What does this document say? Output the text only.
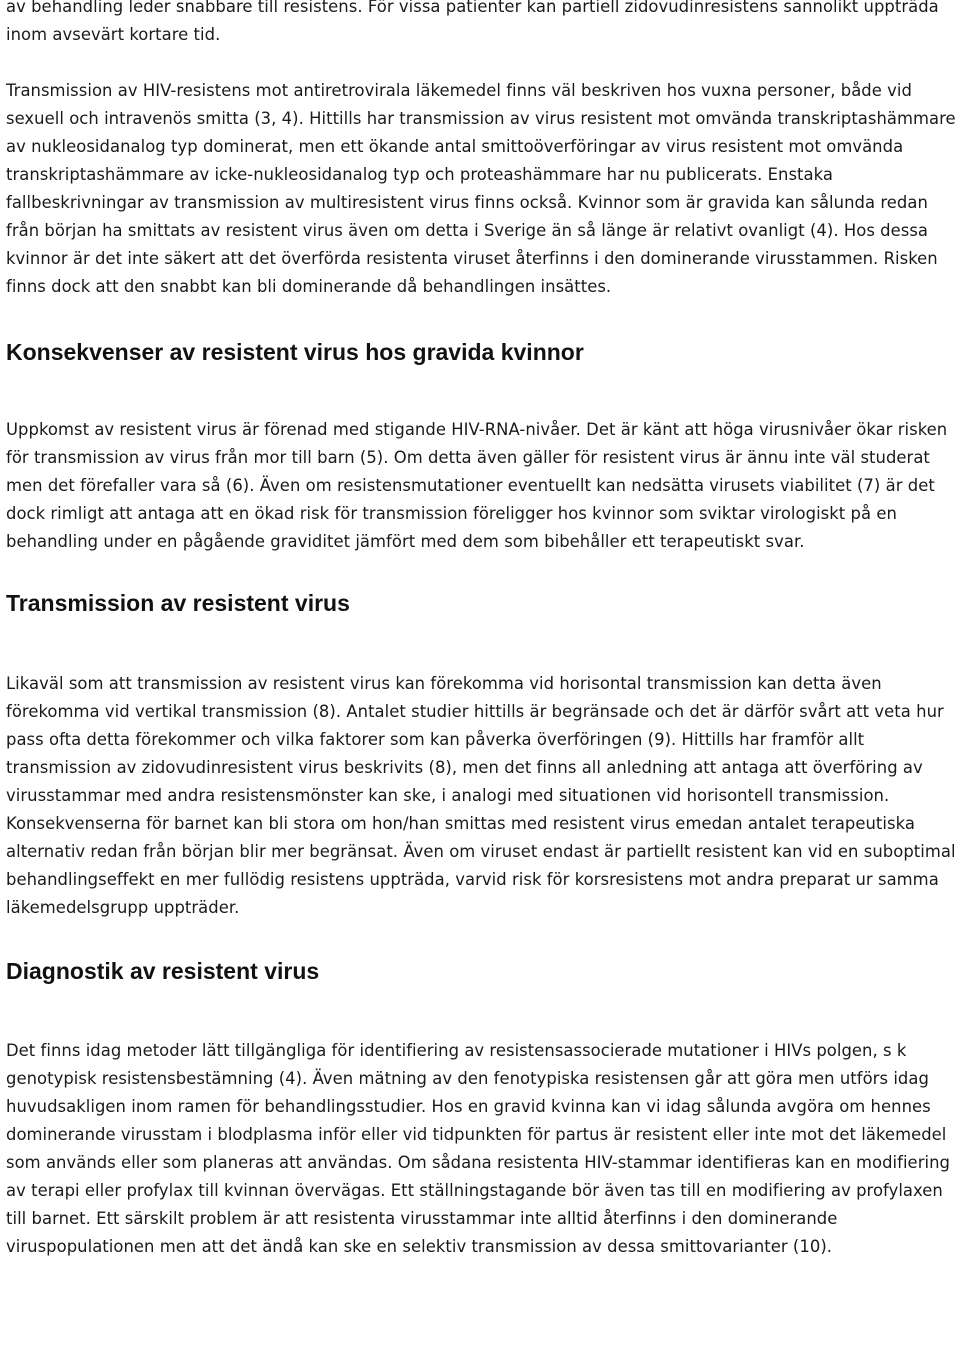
av behandling leder snabbare till resistens. För vissa patienter kan partiell zidovudinresistens sannolikt uppträda inom avsevärt kortare tid.

Transmission av HIV-resistens mot antiretrovirala läkemedel finns väl beskriven hos vuxna personer, både vid sexuell och intravenös smitta (3, 4). Hittills har transmission av virus resistent mot omvända transkriptashämmare av nukleosidanalog typ dominerat, men ett ökande antal smittoöverföringar av virus resistent mot omvända transkriptashämmare av icke-nukleosidanalog typ och proteashämmare har nu publicerats. Enstaka fallbeskrivningar av transmission av multiresistent virus finns också. Kvinnor som är gravida kan sålunda redan från början ha smittats av resistent virus även om detta i Sverige än så länge är relativt ovanligt (4). Hos dessa kvinnor är det inte säkert att det överförda resistenta viruset återfinns i den dominerande virusstammen. Risken finns dock att den snabbt kan bli dominerande då behandlingen insättes.

Konsekvenser av resistent virus hos gravida kvinnor

Uppkomst av resistent virus är förenad med stigande HIV-RNA-nivåer. Det är känt att höga virusnivåer ökar risken för transmission av virus från mor till barn (5). Om detta även gäller för resistent virus är ännu inte väl studerat men det förefaller vara så (6). Även om resistensmutationer eventuellt kan nedsätta virusets viabilitet (7) är det dock rimligt att antaga att en ökad risk för transmission föreligger hos kvinnor som sviktar virologiskt på en behandling under en pågående graviditet jämfört med dem som bibehåller ett terapeutiskt svar.

Transmission av resistent virus

Likaväl som att transmission av resistent virus kan förekomma vid horisontal transmission kan detta även förekomma vid vertikal transmission (8). Antalet studier hittills är begränsade och det är därför svårt att veta hur pass ofta detta förekommer och vilka faktorer som kan påverka överföringen (9). Hittills har framför allt transmission av zidovudinresistent virus beskrivits (8), men det finns all anledning att antaga att överföring av virusstammar med andra resistensmönster kan ske, i analogi med situationen vid horisontell transmission. Konsekvenserna för barnet kan bli stora om hon/han smittas med resistent virus emedan antalet terapeutiska alternativ redan från början blir mer begränsat. Även om viruset endast är partiellt resistent kan vid en suboptimal behandlingseffekt en mer fullödig resistens uppträda, varvid risk för korsresistens mot andra preparat ur samma läkemedelsgrupp uppträder.

Diagnostik av resistent virus

Det finns idag metoder lätt tillgängliga för identifiering av resistensassocierade mutationer i HIVs polgen, s k genotypisk resistensbestämning (4). Även mätning av den fenotypiska resistensen går att göra men utförs idag huvudsakligen inom ramen för behandlingsstudier. Hos en gravid kvinna kan vi idag sålunda avgöra om hennes dominerande virusstam i blodplasma inför eller vid tidpunkten för partus är resistent eller inte mot det läkemedel som används eller som planeras att användas. Om sådana resistenta HIV-stammar identifieras kan en modifiering av terapi eller profylax till kvinnan övervägas. Ett ställningstagande bör även tas till en modifiering av profylaxen till barnet. Ett särskilt problem är att resistenta virusstammar inte alltid återfinns i den dominerande viruspopulationen men att det ändå kan ske en selektiv transmission av dessa smittovarianter (10).
